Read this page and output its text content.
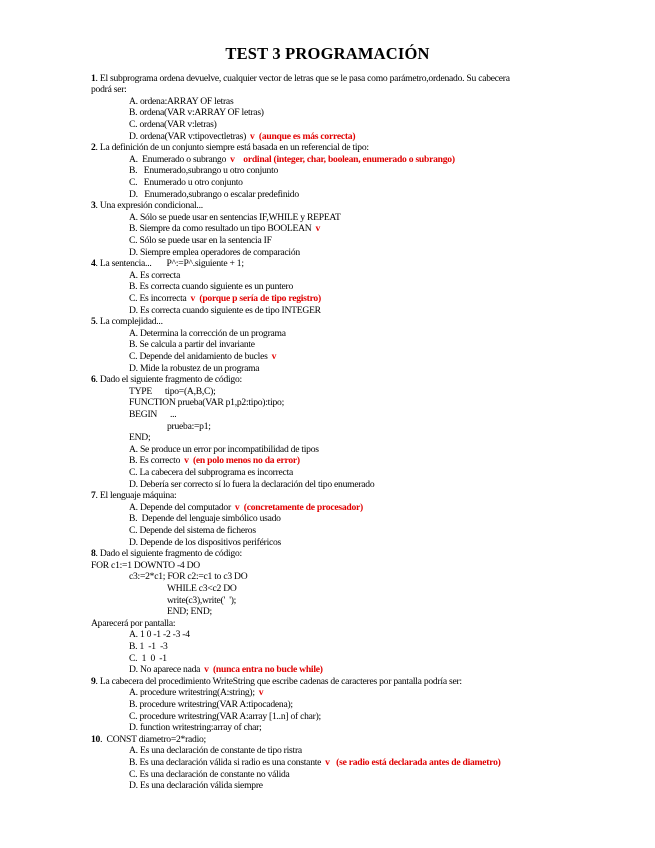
TEST 3 PROGRAMACIÓN
1. El subprograma ordena devuelve, cualquier vector de letras que se le pasa como parámetro,ordenado. Su cabecera
podrá ser:
A. ordena:ARRAY OF letras
B. ordena(VAR v:ARRAY OF letras)
C. ordena(VAR v:letras)
D. ordena(VAR v:tipovectletras) v  (aunque es más correcta)
2. La definición de un conjunto siempre está basada en un referencial de tipo:
A.  Enumerado o subrango v    ordinal (integer, char, boolean, enumerado o subrango)
B.   Enumerado,subrango u otro conjunto
C.   Enumerado u otro conjunto
D.   Enumerado,subrango o escalar predefinido
3. Una expresión condicional...
A. Sólo se puede usar en sentencias IF,WHILE y REPEAT
B. Siempre da como resultado un tipo BOOLEAN v
C. Sólo se puede usar en la sentencia IF
D. Siempre emplea operadores de comparación
4. La sentencia...       P^:=P^.siguiente + 1;
A. Es correcta
B. Es correcta cuando siguiente es un puntero
C. Es incorrecta v  (porque p sería de tipo registro)
D. Es correcta cuando siguiente es de tipo INTEGER
5. La complejidad...
A. Determina la corrección de un programa
B. Se calcula a partir del invariante
C. Depende del anidamiento de bucles v
D. Mide la robustez de un programa
6. Dado el siguiente fragmento de código:
TYPE      tipo=(A,B,C);
FUNCTION prueba(VAR p1,p2:tipo):tipo;
BEGIN      ...
prueba:=p1;
END;
A. Se produce un error por incompatibilidad de tipos
B. Es correcto v  (en polo menos no da error)
C. La cabecera del subprograma es incorrecta
D. Debería ser correcto sí lo fuera la declaración del tipo enumerado
7. El lenguaje máquina:
A. Depende del computador v  (concretamente de procesador)
B.  Depende del lenguaje simbólico usado
C. Depende del sistema de ficheros
D. Depende de los dispositivos periféricos
8. Dado el siguiente fragmento de código:
FOR c1:=1 DOWNTO -4 DO
c3:=2*c1; FOR c2:=c1 to c3 DO
WHILE c3<c2 DO
write(c3),write('  ');
END; END;
Aparecerá por pantalla:
A. 1 0 -1 -2 -3 -4
B. 1  -1  -3
C.  1  0  -1
D. No aparece nada v  (nunca entra no bucle while)
9. La cabecera del procedimiento WriteString que escribe cadenas de caracteres por pantalla podría ser:
A. procedure writestring(A:string); v
B. procedure writestring(VAR A:tipocadena);
C. procedure writestring(VAR A:array [1..n] of char);
D. function writestring:array of char;
10.  CONST diametro=2*radio;
A. Es una declaración de constante de tipo ristra
B. Es una declaración válida si radio es una constante v   (se radio está declarada antes de diametro)
C. Es una declaración de constante no válida
D. Es una declaración válida siempre
